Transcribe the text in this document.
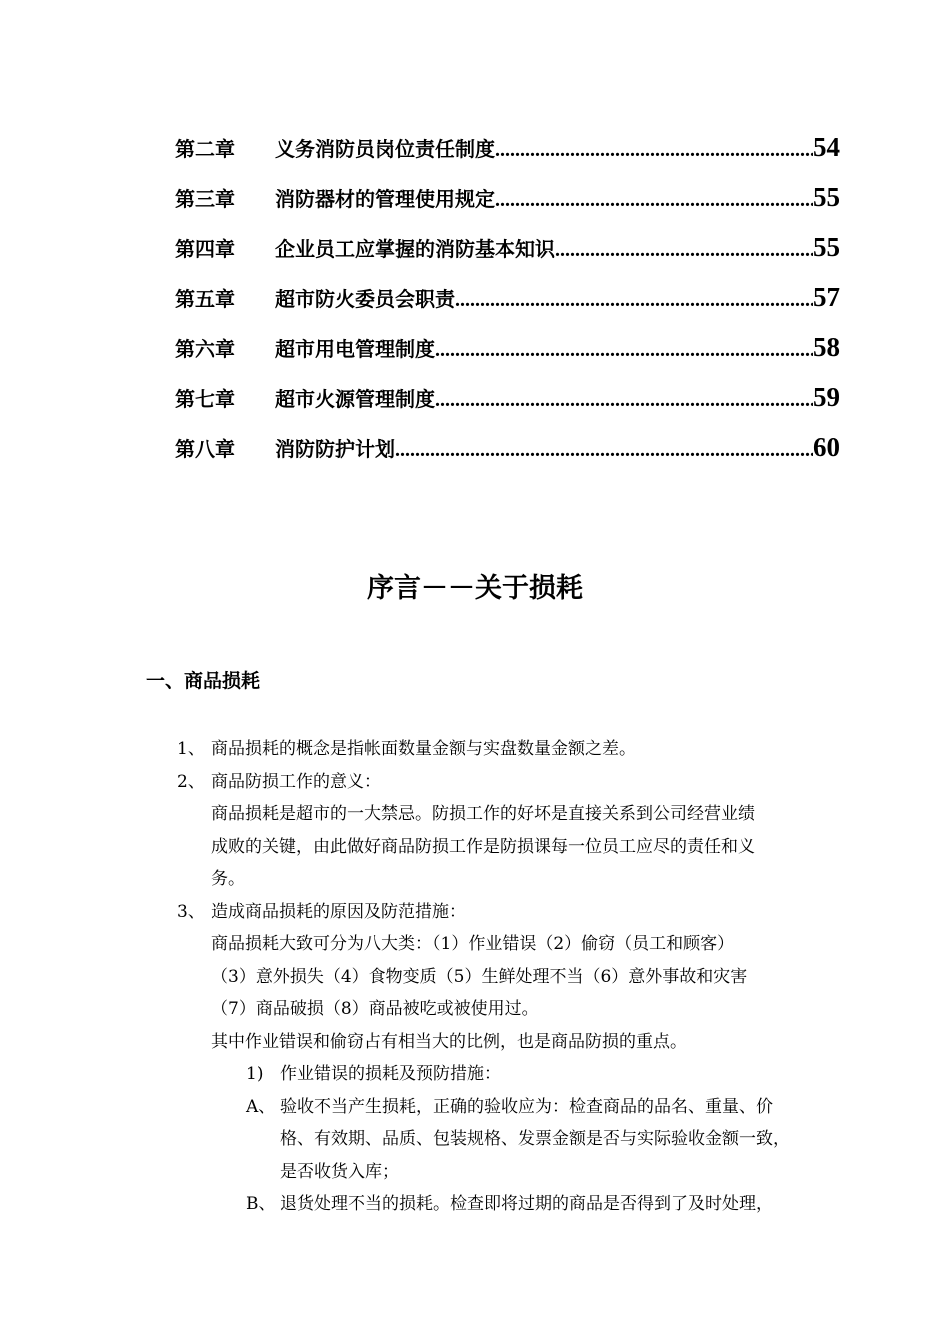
第二章	义务消防员岗位责任制度 .....	54
第三章	消防器材的管理使用规定 .....	55
第四章	企业员工应掌握的消防基本知识 .....	55
第五章	超市防火委员会职责 .....	57
第六章	超市用电管理制度 .....	58
第七章	超市火源管理制度 .....	59
第八章	消防防护计划 .....	60
序言－－关于损耗
一、商品损耗
1、 商品损耗的概念是指帐面数量金额与实盘数量金额之差。
2、 商品防损工作的意义：
商品损耗是超市的一大禁忌。防损工作的好坏是直接关系到公司经营业绩
成败的关键，由此做好商品防损工作是防损课每一位员工应尽的责任和义
务。
3、 造成商品损耗的原因及防范措施：
商品损耗大致可分为八大类：（1）作业错误（2）偷窃（员工和顾客）
（3）意外损失（4）食物变质（5）生鲜处理不当（6）意外事故和灾害
（7）商品破损（8）商品被吃或被使用过。
其中作业错误和偷窃占有相当大的比例，也是商品防损的重点。
1) 作业错误的损耗及预防措施：
A、 验收不当产生损耗，正确的验收应为：检查商品的品名、重量、价
格、有效期、品质、包装规格、发票金额是否与实际验收金额一致，
是否收货入库；
B、 退货处理不当的损耗。检查即将过期的商品是否得到了及时处理，
